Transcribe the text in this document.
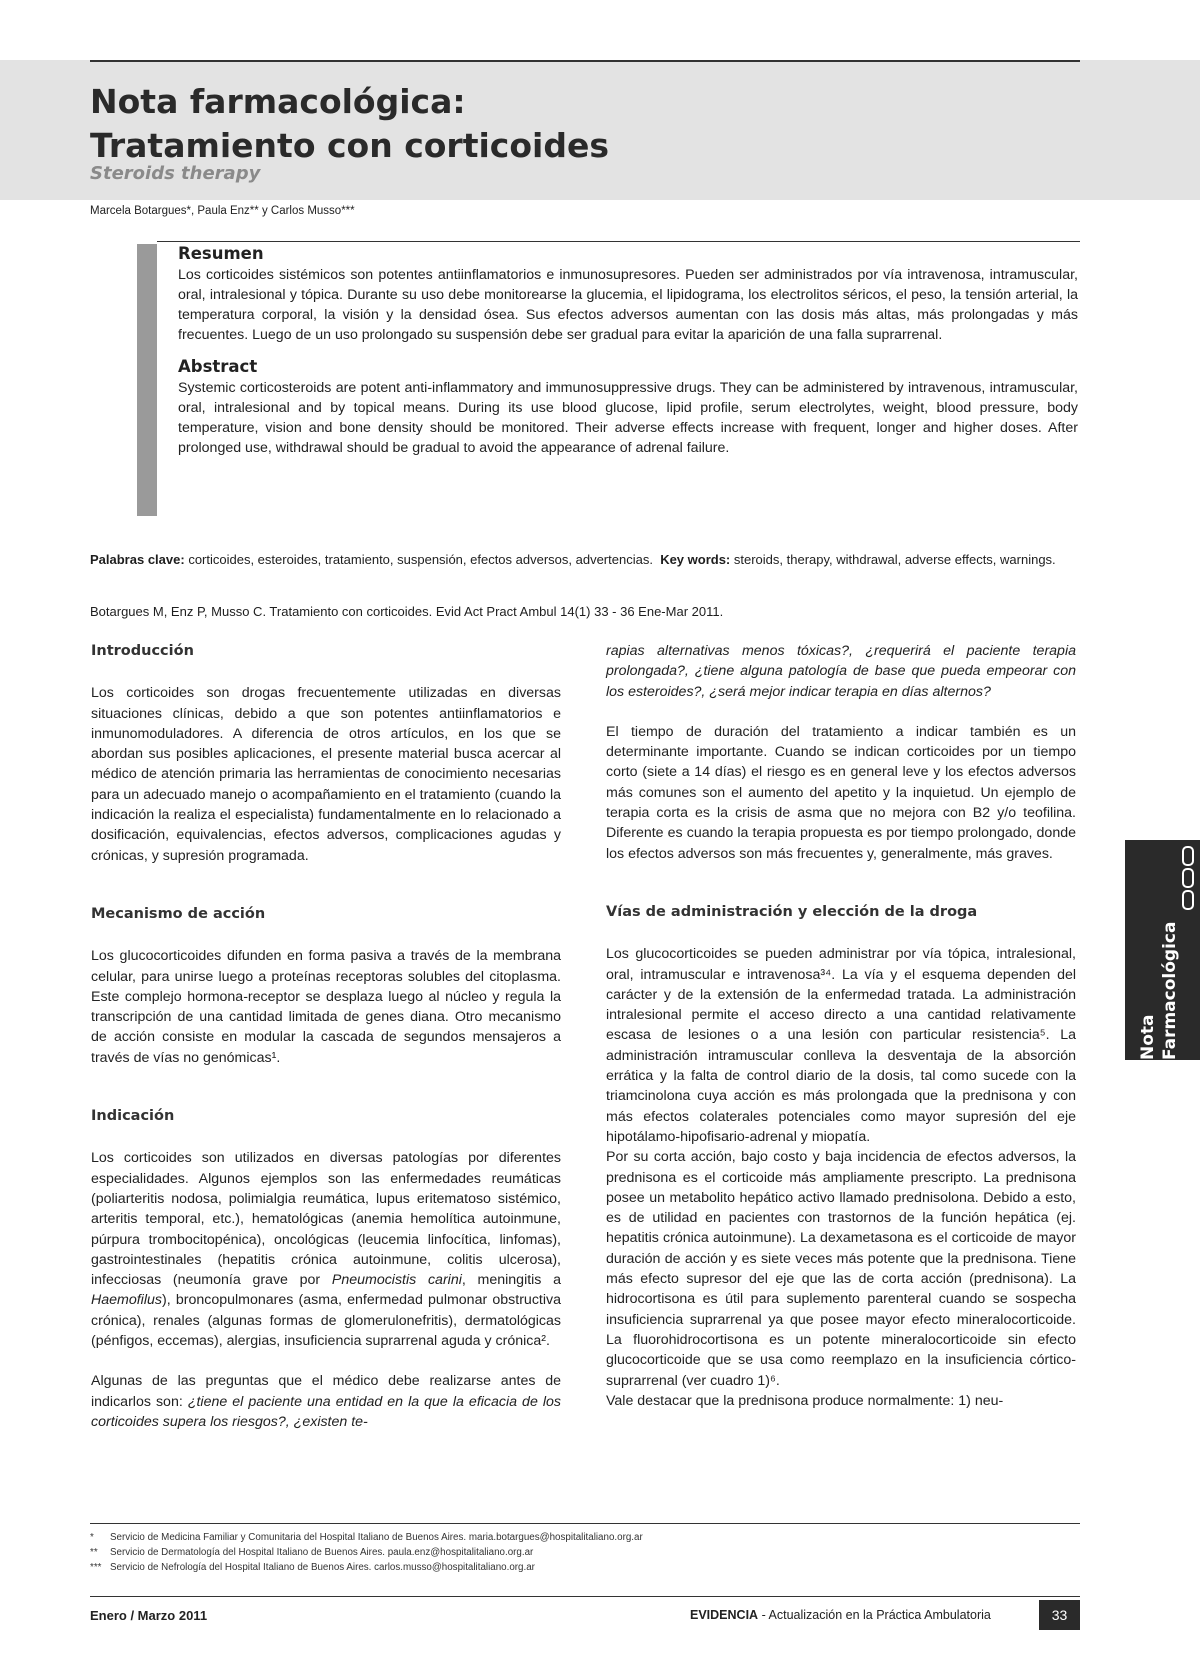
Nota farmacológica:
Tratamiento con corticoides
Steroids therapy
Marcela Botargues*, Paula Enz** y Carlos Musso***
Resumen

Los corticoides sistémicos son potentes antiinflamatorios e inmunosupresores. Pueden ser administrados por vía intravenosa, intramuscular, oral, intralesional y tópica. Durante su uso debe monitorearse la glucemia, el lipidograma, los electrolitos séricos, el peso, la tensión arterial, la temperatura corporal, la visión y la densidad ósea. Sus efectos adversos aumentan con las dosis más altas, más prolongadas y más frecuentes. Luego de un uso prolongado su suspensión debe ser gradual para evitar la aparición de una falla suprarrenal.

Abstract

Systemic corticosteroids are potent anti-inflammatory and immunosuppressive drugs. They can be administered by intravenous, intramuscular, oral, intralesional and by topical means. During its use blood glucose, lipid profile, serum electrolytes, weight, blood pressure, body temperature, vision and bone density should be monitored. Their adverse effects increase with frequent, longer and higher doses. After prolonged use, withdrawal should be gradual to avoid the appearance of adrenal failure.

Palabras clave: corticoides, esteroides, tratamiento, suspensión, efectos adversos, advertencias. Key words: steroids, therapy, withdrawal, adverse effects, warnings.
Botargues M, Enz P, Musso C. Tratamiento con corticoides. Evid Act Pract Ambul 14(1) 33 - 36 Ene-Mar 2011.
Introducción

Los corticoides son drogas frecuentemente utilizadas en diversas situaciones clínicas, debido a que son potentes antiinflamatorios e inmunomoduladores. A diferencia de otros artículos, en los que se abordan sus posibles aplicaciones, el presente material busca acercar al médico de atención primaria las herramientas de conocimiento necesarias para un adecuado manejo o acompañamiento en el tratamiento (cuando la indicación la realiza el especialista) fundamentalmente en lo relacionado a dosificación, equivalencias, efectos adversos, complicaciones agudas y crónicas, y supresión programada.

Mecanismo de acción

Los glucocorticoides difunden en forma pasiva a través de la membrana celular, para unirse luego a proteínas receptoras solubles del citoplasma. Este complejo hormona-receptor se desplaza luego al núcleo y regula la transcripción de una cantidad limitada de genes diana. Otro mecanismo de acción consiste en modular la cascada de segundos mensajeros a través de vías no genómicas¹.

Indicación

Los corticoides son utilizados en diversas patologías por diferentes especialidades. Algunos ejemplos son las enfermedades reumáticas (poliarteritis nodosa, polimialgia reumática, lupus eritematoso sistémico, arteritis temporal, etc.), hematológicas (anemia hemolítica autoinmune, púrpura trombocitopénica), oncológicas (leucemia linfocítica, linfomas), gastrointestinales (hepatitis crónica autoinmune, colitis ulcerosa), infecciosas (neumonía grave por Pneumocistis carini, meningitis a Haemofilus), broncopulmonares (asma, enfermedad pulmonar obstructiva crónica), renales (algunas formas de glomerulonefritis), dermatológicas (pénfigos, eccemas), alergias, insuficiencia suprarrenal aguda y crónica².

Algunas de las preguntas que el médico debe realizarse antes de indicarlos son: ¿tiene el paciente una entidad en la que la eficacia de los corticoides supera los riesgos?, ¿existen te-

rapias alternativas menos tóxicas?, ¿requerirá el paciente terapia prolongada?, ¿tiene alguna patología de base que pueda empeorar con los esteroides?, ¿será mejor indicar terapia en días alternos?

El tiempo de duración del tratamiento a indicar también es un determinante importante. Cuando se indican corticoides por un tiempo corto (siete a 14 días) el riesgo es en general leve y los efectos adversos más comunes son el aumento del apetito y la inquietud. Un ejemplo de terapia corta es la crisis de asma que no mejora con B2 y/o teofilina. Diferente es cuando la terapia propuesta es por tiempo prolongado, donde los efectos adversos son más frecuentes y, generalmente, más graves.

Vías de administración y elección de la droga

Los glucocorticoides se pueden administrar por vía tópica, intralesional, oral, intramuscular e intravenosa³⁴. La vía y el esquema dependen del carácter y de la extensión de la enfermedad tratada. La administración intralesional permite el acceso directo a una cantidad relativamente escasa de lesiones o a una lesión con particular resistencia⁵. La administración intramuscular conlleva la desventaja de la absorción errática y la falta de control diario de la dosis, tal como sucede con la triamcinolona cuya acción es más prolongada que la prednisona y con más efectos colaterales potenciales como mayor supresión del eje hipotálamo-hipofisario-adrenal y miopatía.

Por su corta acción, bajo costo y baja incidencia de efectos adversos, la prednisona es el corticoide más ampliamente prescripto. La prednisona posee un metabolito hepático activo llamado prednisolona. Debido a esto, es de utilidad en pacientes con trastornos de la función hepática (ej. hepatitis crónica autoinmune). La dexametasona es el corticoide de mayor duración de acción y es siete veces más potente que la prednisona. Tiene más efecto supresor del eje que las de corta acción (prednisona). La hidrocortisona es útil para suplemento parenteral cuando se sospecha insuficiencia suprarrenal ya que posee mayor efecto mineralocorticoide. La fluorohidrocortisona es un potente mineralocorticoide sin efecto glucocorticoide que se usa como reemplazo en la insuficiencia córtico-suprarrenal (ver cuadro 1)⁶.

Vale destacar que la prednisona produce normalmente: 1) neu-

*	Servicio de Medicina Familiar y Comunitaria del Hospital Italiano de Buenos Aires. maria.botargues@hospitalitaliano.org.ar
**	Servicio de Dermatología del Hospital Italiano de Buenos Aires. paula.enz@hospitalitaliano.org.ar
*** Servicio de Nefrología del Hospital Italiano de Buenos Aires. carlos.musso@hospitalitaliano.org.ar
Enero / Marzo 2011	EVIDENCIA - Actualización en la Práctica Ambulatoria	33
Nota Farmacológica
